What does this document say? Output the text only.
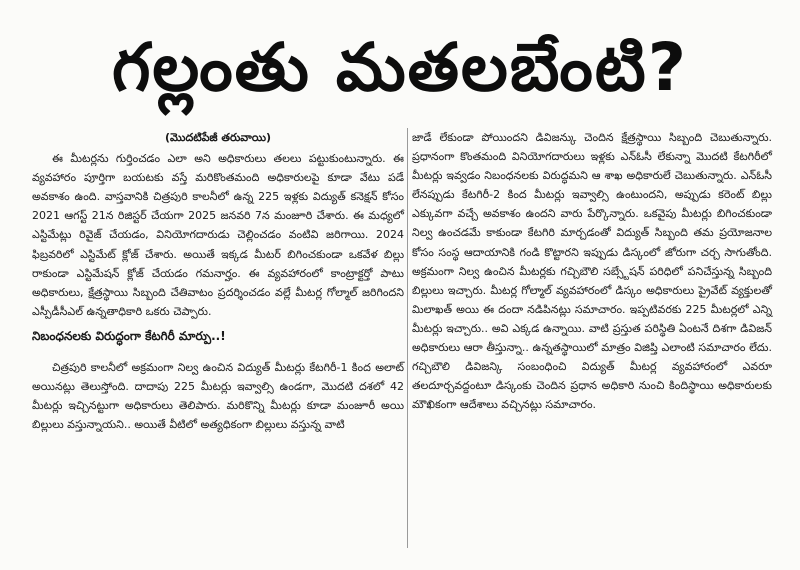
గల్లంతు మతలబేంటి?

(మొదటిపేజీ తరువాయి)

ఈ మీటర్లను గుర్తించడం ఎలా అని అధికారులు తలలు పట్టుకుంటున్నారు. ఈ వ్యవహారం పూర్తిగా బయటకు వస్తే మరికొంతమంది అధికారులపై కూడా వేటు పడే అవకాశం ఉంది. వాస్తవానికి చిత్రపురి కాలనీలో ఉన్న 225 ఇళ్లకు విద్యుత్ కనెక్షన్ కోసం 2021 ఆగస్ట్ 21న రిజిస్టర్ చేయగా 2025 జనవరి 7న మంజూరి చేశారు. ఈ మధ్యలో ఎస్టిమేట్లు రివైజ్ చేయడం, వినియోగదారుడు చెల్లించడం వంటివి జరిగాయి. 2024 ఫిబ్రవరిలో ఎస్టిమేట్ క్లోజ్ చేశారు. అయితే ఇక్కడ మీటర్ బిగించకుండా ఒకవేళ బిల్లు రాకుండా ఎస్టిమేషన్ క్లోజ్ చేయడం గమనార్హం. ఈ వ్యవహారంలో కాంట్రాక్టర్తో పాటు అధికారులు, క్షేత్రస్థాయి సిబ్బంది చేతివాటం ప్రదర్శించడం వల్లే మీటర్ల గోల్మాల్ జరిగిందని ఎస్పీడీసీఎల్ ఉన్నతాధికారి ఒకరు చెప్పారు.

నిబంధనలకు విరుద్ధంగా కేటగిరీ మార్పు..!

చిత్రపురి కాలనీలో అక్రమంగా నిల్వ ఉంచిన విద్యుత్ మీటర్లు కేటగిరీ-1 కింద అలాట్ అయినట్లు తెలుస్తోంది. దాదాపు 225 మీటర్లు ఇవ్వాల్సి ఉండగా, మొదటి దశలో 42 మీటర్లు ఇచ్చినట్టుగా అధికారులు తెలిపారు. మరికొన్ని మీటర్లు కూడా మంజూరీ అయి బిల్లులు వస్తున్నాయని.. అయితే వీటిలో అత్యధికంగా బిల్లులు వస్తున్న వాటి

జాడే లేకుండా పోయిందని డివిజన్కు చెందిన క్షేత్రస్థాయి సిబ్బంది చెబుతున్నారు. ప్రధానంగా కొంతమంది వినియోగదారులు ఇళ్లకు ఎన్ఓసీ లేకున్నా మొదటి కేటగిరీలో మీటర్లు ఇవ్వడం నిబంధనలకు విరుద్ధమని ఆ శాఖ అధికారులే చెబుతున్నారు. ఎన్ఓసీ లేనప్పుడు కేటగిరీ-2 కింద మీటర్లు ఇవ్వాల్సి ఉంటుందని, అప్పుడు కరెంట్ బిల్లు ఎక్కువగా వచ్చే అవకాశం ఉందని వారు పేర్కొన్నారు. ఒకవైపు మీటర్లు బిగించకుండా నిల్వ ఉంచడమే కాకుండా కేటగిరి మార్చడంతో విద్యుత్ సిబ్బంది తమ ప్రయోజనాల కోసం సంస్థ ఆదాయానికి గండి కొట్టారని ఇప్పుడు డిస్కంలో జోరుగా చర్చ సాగుతోంది. అక్రమంగా నిల్వ ఉంచిన మీటర్లకు గచ్చిబౌలి సబ్స్టేషన్ పరిధిలో పనిచేస్తున్న సిబ్బంది బిల్లులు ఇచ్చారు. మీటర్ల గోల్మాల్ వ్యవహారంలో డిస్కం అధికారులు ప్రైవేట్ వ్యక్తులతో మిలాఖత్ అయి ఈ దందా నడిపినట్లు సమాచారం. ఇప్పటివరకు 225 మీటర్లలో ఎన్ని మీటర్లు ఇచ్చారు.. అవి ఎక్కడ ఉన్నాయి. వాటి ప్రస్తుత పరిస్థితి ఏంటనే దిశగా డివిజన్ అధికారులు ఆరా తీస్తున్నా.. ఉన్నతస్థాయిలో మాత్రం విజిప్తి ఎలాంటి సమాచారం లేదు. గచ్చిబౌలి డివిజన్కి సంబంధించి విద్యుత్ మీటర్ల వ్యవహారంలో ఎవరూ తలదూర్చవద్దంటూ డిస్కంకు చెందిన ప్రధాన అధికారి నుంచి కిందిస్థాయి అధికారులకు మౌఖికంగా ఆదేశాలు వచ్చినట్లు సమాచారం.
